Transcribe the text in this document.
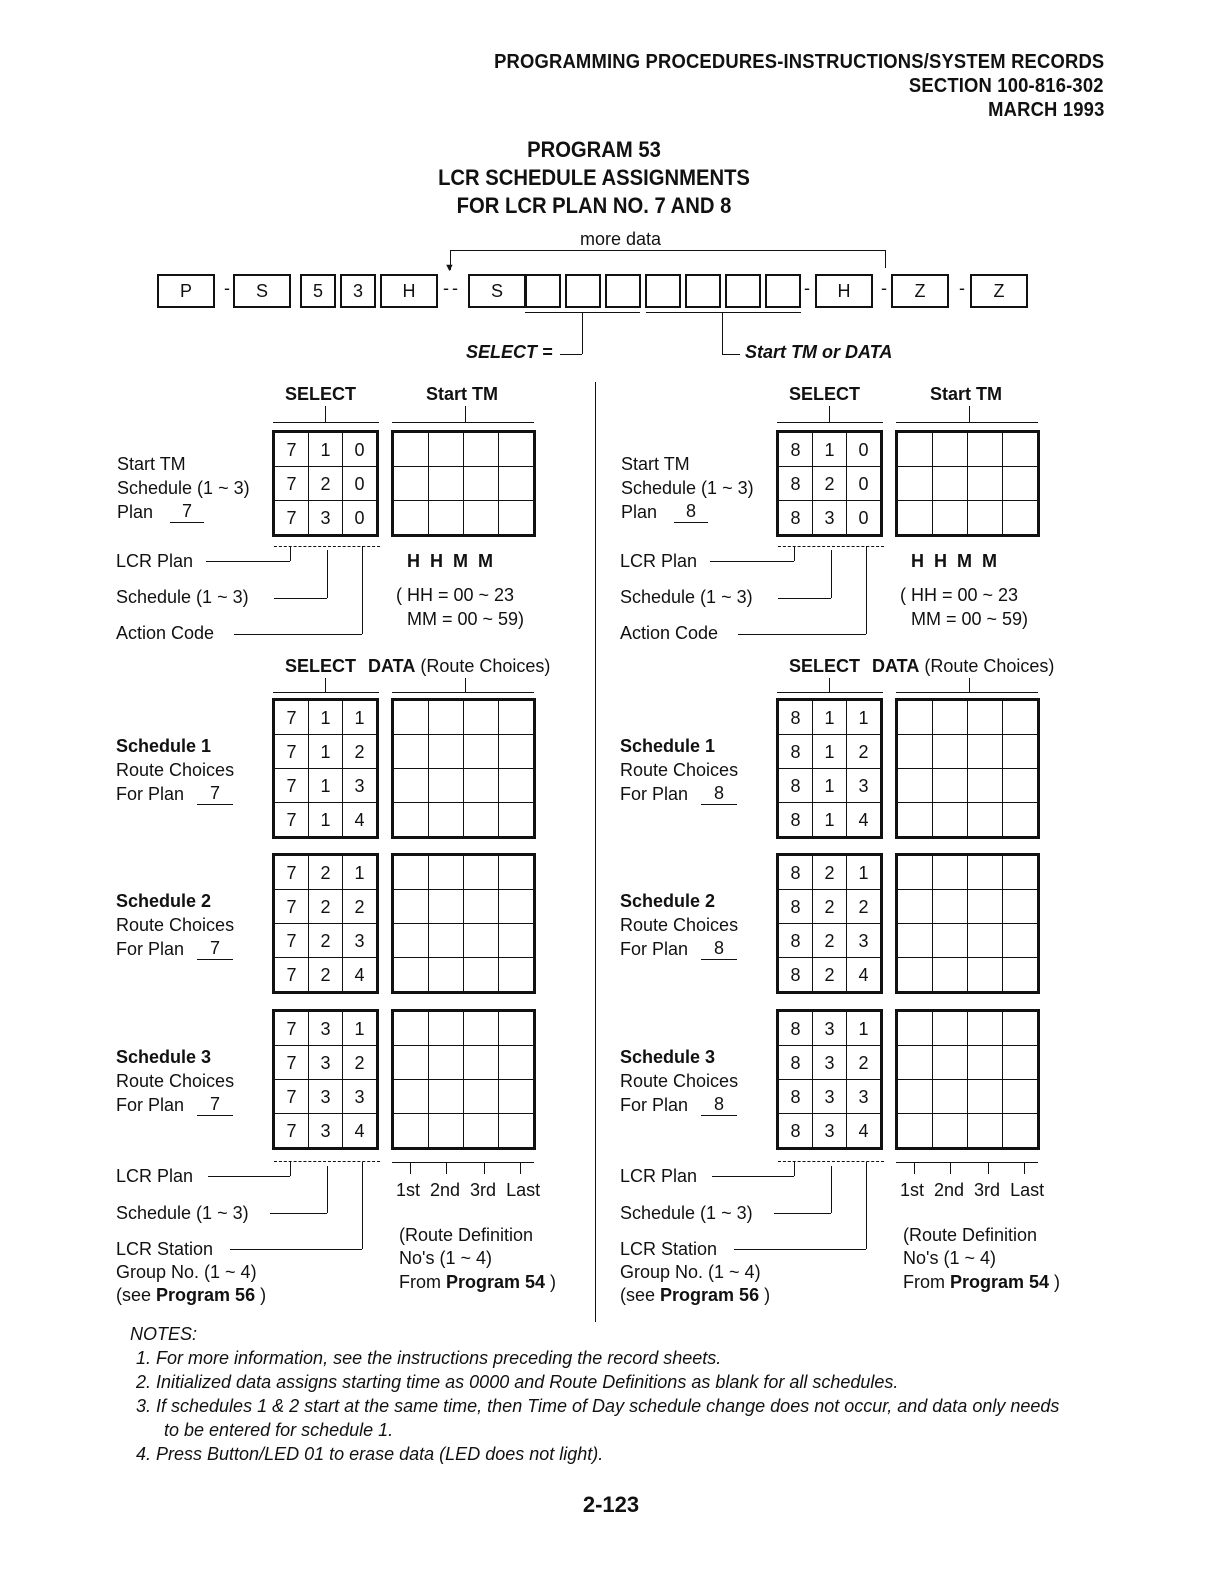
PROGRAMMING PROCEDURES-INSTRUCTIONS/SYSTEM RECORDS
SECTION 100-816-302
MARCH 1993
PROGRAM 53
LCR SCHEDULE ASSIGNMENTS
FOR LCR PLAN NO. 7 AND 8
more data
▼
P	S	5	3	H	S	H	Z	Z
-	- -	-	-	-
SELECT =	Start TM or DATA
SELECT	Start TM
Start TM
Schedule (1 ~ 3)
Plan	7
7	1	0
7	2	0
7	3	0

LCR Plan
Schedule (1 ~ 3)
Action Code
H  H  M  M
( HH = 00 ~ 23
MM = 00 ~ 59)
SELECT DATA (Route Choices)
Schedule 1
Route Choices
For Plan	7
7	1	1
7	1	2
7	1	3
7	1	4

Schedule 2
Route Choices
For Plan	7
7	2	1
7	2	2
7	2	3
7	2	4

Schedule 3
Route Choices
For Plan	7
7	3	1
7	3	2
7	3	3
7	3	4

LCR Plan
Schedule (1 ~ 3)
LCR Station
Group No. (1 ~ 4)
(see Program 56 )
1st  2nd  3rd  Last
(Route Definition
No's (1 ~ 4)
From Program 54 )
SELECT	Start TM
Start TM
Schedule (1 ~ 3)
Plan	8
8	1	0
8	2	0
8	3	0

LCR Plan
Schedule (1 ~ 3)
Action Code
H  H  M  M
( HH = 00 ~ 23
MM = 00 ~ 59)
SELECT DATA (Route Choices)
Schedule 1
Route Choices
For Plan	8
8	1	1
8	1	2
8	1	3
8	1	4

Schedule 2
Route Choices
For Plan	8
8	2	1
8	2	2
8	2	3
8	2	4

Schedule 3
Route Choices
For Plan	8
8	3	1
8	3	2
8	3	3
8	3	4

LCR Plan
Schedule (1 ~ 3)
LCR Station
Group No. (1 ~ 4)
(see Program 56 )
1st  2nd  3rd  Last
(Route Definition
No's (1 ~ 4)
From Program 54 )
NOTES:
1. For more information, see the instructions preceding the record sheets.
2. Initialized data assigns starting time as 0000 and Route Definitions as blank for all schedules.
3. If schedules 1 & 2 start at the same time, then Time of Day schedule change does not occur, and data only needs
to be entered for schedule 1.
4. Press Button/LED 01 to erase data (LED does not light).
2-123
